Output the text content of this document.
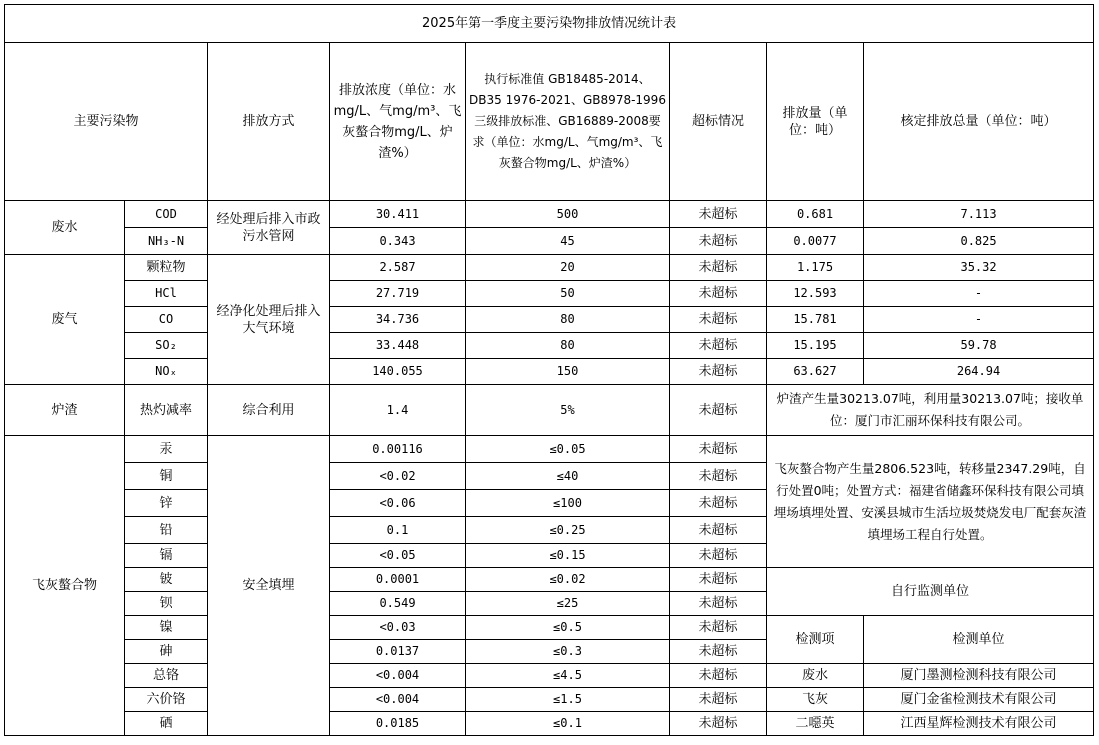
2025年第一季度主要污染物排放情况统计表							
主要污染物		排放方式	排放浓度（单位：水mg/L、气mg/m³、飞灰螯合物mg/L、炉渣%）	执行标准值 GB18485-2014、DB35 1976-2021、GB8978-1996三级排放标准、GB16889-2008要求（单位：水mg/L、气mg/m³、飞灰螯合物mg/L、炉渣%）	超标情况	排放量（单位：吨）	核定排放总量（单位：吨）
废水	COD	经处理后排入市政污水管网	30.411	500	未超标	0.681	7.113
	NH₃-N		0.343	45	未超标	0.0077	0.825
废气	颗粒物	经净化处理后排入大气环境	2.587	20	未超标	1.175	35.32
	HCl		27.719	50	未超标	12.593	-
	CO		34.736	80	未超标	15.781	-
	SO₂		33.448	80	未超标	15.195	59.78
	NOₓ		140.055	150	未超标	63.627	264.94
炉渣	热灼减率	综合利用	1.4	5%	未超标	炉渣产生量30213.07吨，利用量30213.07吨；接收单位：厦门市汇丽环保科技有限公司。	
飞灰螯合物	汞	安全填埋	0.00116	≤0.05	未超标	飞灰螯合物产生量2806.523吨，转移量2347.29吨，自行处置0吨；处置方式：福建省储鑫环保科技有限公司填埋场填埋处置、安溪县城市生活垃圾焚烧发电厂配套灰渣填埋场工程自行处置。	
	铜		<0.02	≤40	未超标		
	锌		<0.06	≤100	未超标		
	铅		0.1	≤0.25	未超标		
	镉		<0.05	≤0.15	未超标		
	铍		0.0001	≤0.02	未超标	自行监测单位	
	钡		0.549	≤25	未超标		
	镍		<0.03	≤0.5	未超标	检测项	检测单位
	砷		0.0137	≤0.3	未超标		
	总铬		<0.004	≤4.5	未超标	废水	厦门墨测检测科技有限公司
	六价铬		<0.004	≤1.5	未超标	飞灰	厦门金雀检测技术有限公司
	硒		0.0185	≤0.1	未超标	二噁英	江西星辉检测技术有限公司
